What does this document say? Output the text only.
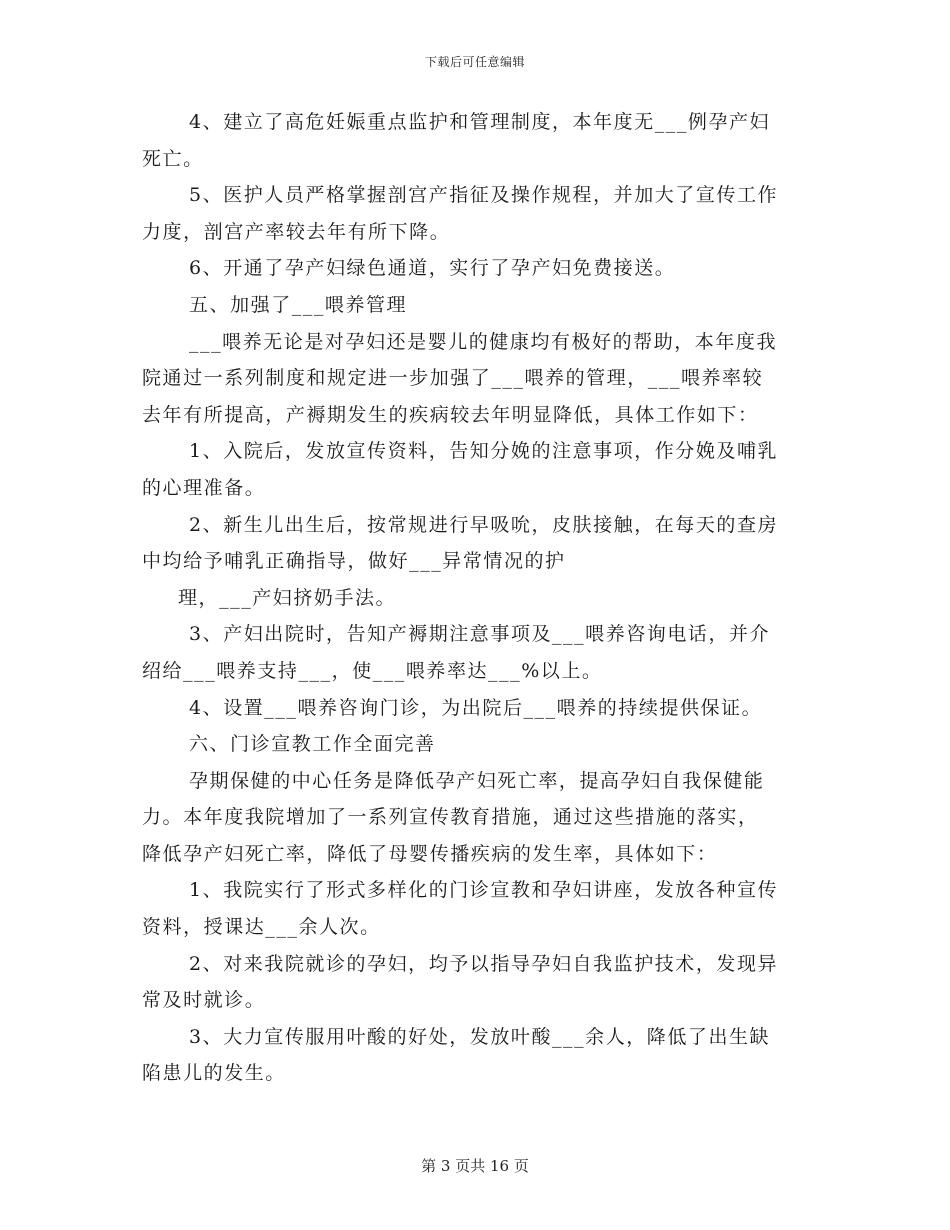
下载后可任意编辑
4、建立了高危妊娠重点监护和管理制度，本年度无___例孕产妇
死亡。
5、医护人员严格掌握剖宫产指征及操作规程，并加大了宣传工作
力度，剖宫产率较去年有所下降。
6、开通了孕产妇绿色通道，实行了孕产妇免费接送。
五、加强了___喂养管理
___喂养无论是对孕妇还是婴儿的健康均有极好的帮助，本年度我
院通过一系列制度和规定进一步加强了___喂养的管理，___喂养率较
去年有所提高，产褥期发生的疾病较去年明显降低，具体工作如下：
1、入院后，发放宣传资料，告知分娩的注意事项，作分娩及哺乳
的心理准备。
2、新生儿出生后，按常规进行早吸吮，皮肤接触，在每天的查房
中均给予哺乳正确指导，做好___异常情况的护
理，___产妇挤奶手法。
3、产妇出院时，告知产褥期注意事项及___喂养咨询电话，并介
绍给___喂养支持___，使___喂养率达___%以上。
4、设置___喂养咨询门诊，为出院后___喂养的持续提供保证。
六、门诊宣教工作全面完善
孕期保健的中心任务是降低孕产妇死亡率，提高孕妇自我保健能
力。本年度我院增加了一系列宣传教育措施，通过这些措施的落实，
降低孕产妇死亡率，降低了母婴传播疾病的发生率，具体如下：
1、我院实行了形式多样化的门诊宣教和孕妇讲座，发放各种宣传
资料，授课达___余人次。
2、对来我院就诊的孕妇，均予以指导孕妇自我监护技术，发现异
常及时就诊。
3、大力宣传服用叶酸的好处，发放叶酸___余人，降低了出生缺
陷患儿的发生。
第 3 页共 16 页
